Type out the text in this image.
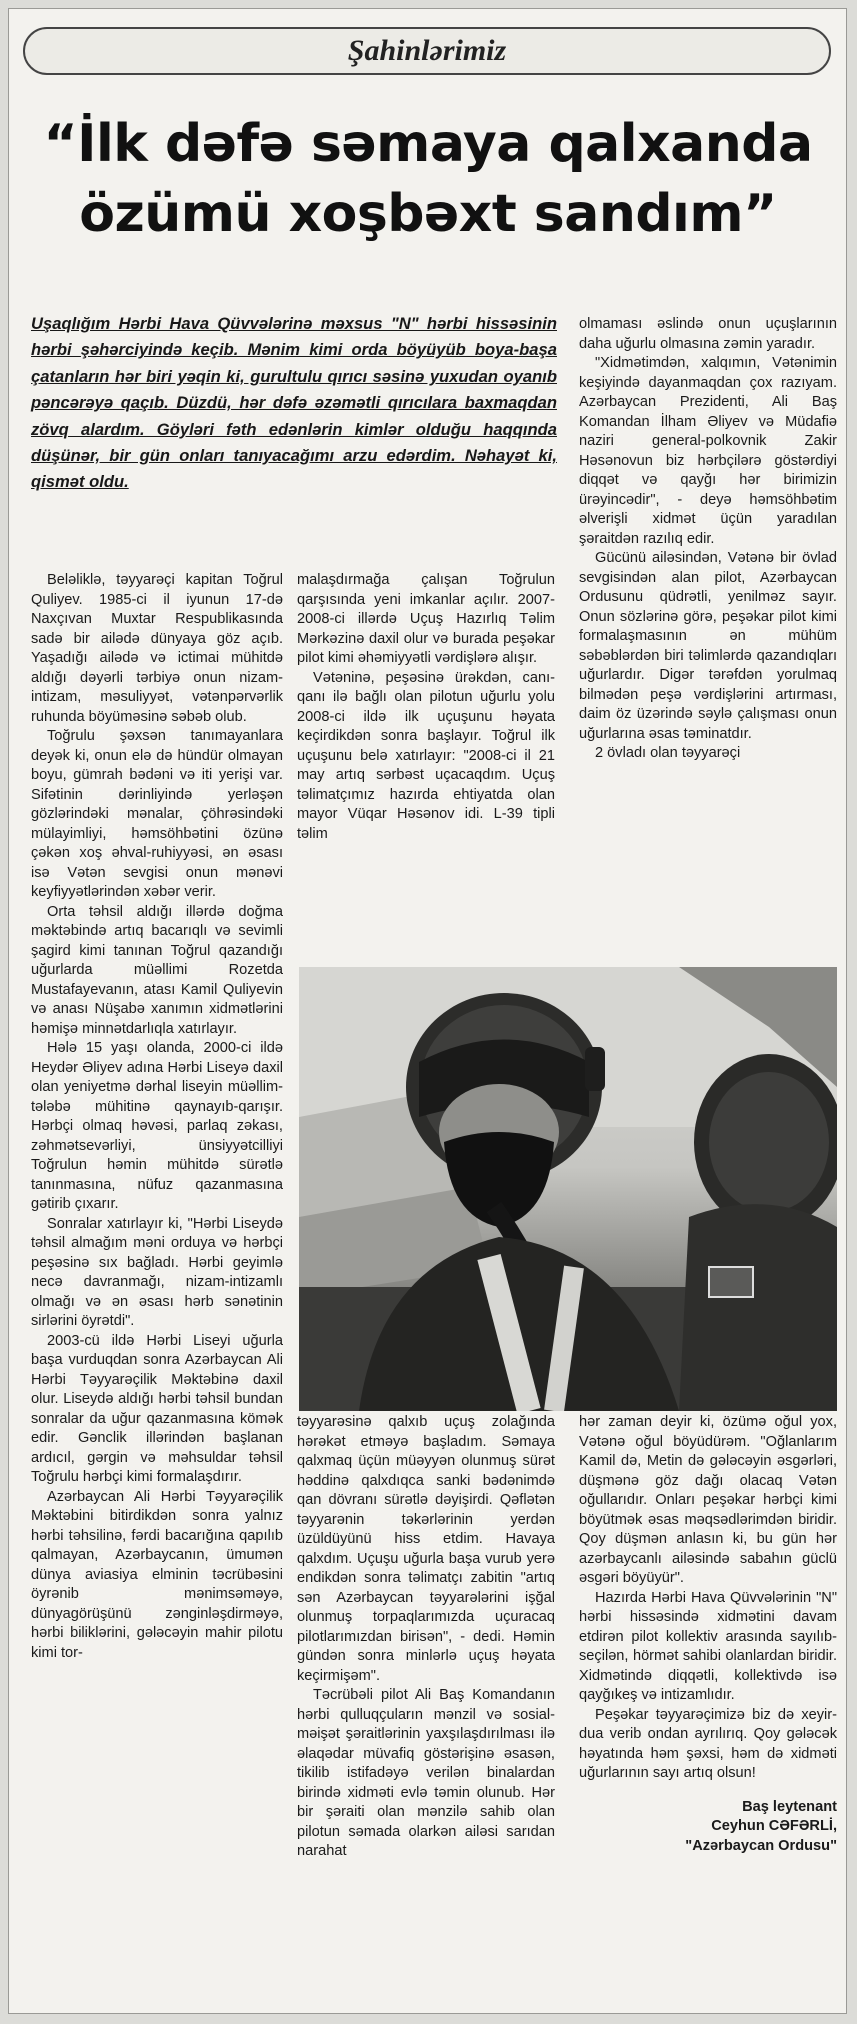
Şahinlərimiz
“İlk dəfə səmaya qalxanda
özümü xoşbəxt sandım”
Uşaqlığım Hərbi Hava Qüvvələrinə məxsus "N" hərbi hissəsinin hərbi şəhərciyində keçib. Mənim kimi orda böyüyüb boya-başa çatanların hər biri yəqin ki, gurultulu qırıcı səsinə yuxudan oyanıb pəncərəyə qaçıb. Düzdü, hər dəfə əzəmətli qırıcılara baxmaqdan zövq alardım. Göyləri fəth edənlərin kimlər olduğu haqqında düşünər, bir gün onları tanıyacağımı arzu edərdim. Nəhayət ki, qismət oldu.

Beləliklə, təyyarəçi kapitan Toğrul Quliyev. 1985-ci il iyunun 17-də Naxçıvan Muxtar Respublikasında sadə bir ailədə dünyaya göz açıb. Yaşadığı ailədə və ictimai mühitdə aldığı dəyərli tərbiyə onun nizam-intizam, məsuliyyət, vətənpərvərlik ruhunda böyüməsinə səbəb olub.

Toğrulu şəxsən tanımayanlara deyək ki, onun elə də hündür olmayan boyu, gümrah bədəni və iti yerişi var. Sifətinin dərinliyində yerləşən gözlərindəki mənalar, çöhrəsindəki mülayimliyi, həmsöhbətini özünə çəkən xoş əhval-ruhiyyəsi, ən əsası isə Vətən sevgisi onun mənəvi keyfiyyətlərindən xəbər verir.

Orta təhsil aldığı illərdə doğma məktəbində artıq bacarıqlı və sevimli şagird kimi tanınan Toğrul qazandığı uğurlarda müəllimi Rozetda Mustafayevanın, atası Kamil Quliyevin və anası Nüşabə xanımın xidmətlərini həmişə minnətdarlıqla xatırlayır.

Hələ 15 yaşı olanda, 2000-ci ildə Heydər Əliyev adına Hərbi Liseyə daxil olan yeniyetmə dərhal liseyin müəllim-tələbə mühitinə qaynayıb-qarışır. Hərbçi olmaq həvəsi, parlaq zəkası, zəhmətsevərliyi, ünsiyyətcilliyi Toğrulun həmin mühitdə sürətlə tanınmasına, nüfuz qazanmasına gətirib çıxarır.

Sonralar xatırlayır ki, "Hərbi Liseydə təhsil almağım məni orduya və hərbçi peşəsinə sıx bağladı. Hərbi geyimlə necə davranmağı, nizam-intizamlı olmağı və ən əsası hərb sənətinin sirlərini öyrətdi".

2003-cü ildə Hərbi Liseyi uğurla başa vurduqdan sonra Azərbaycan Ali Hərbi Təyyarəçilik Məktəbinə daxil olur. Liseydə aldığı hərbi təhsil bundan sonralar da uğur qazanmasına kömək edir. Gənclik illərindən başlanan ardıcıl, gərgin və məhsuldar təhsil Toğrulu hərbçi kimi formalaşdırır.

Azərbaycan Ali Hərbi Təyyarəçilik Məktəbini bitirdikdən sonra yalnız hərbi təhsilinə, fərdi bacarığına qapılıb qalmayan, Azərbaycanın, ümumən dünya aviasiya elminin təcrübəsini öyrənib mənimsəməyə, dünyagörüşünü zənginləşdirməyə, hərbi biliklərini, gələcəyin mahir pilotu kimi tor-

malaşdırmağa çalışan Toğrulun qarşısında yeni imkanlar açılır. 2007-2008-ci illərdə Uçuş Hazırlıq Təlim Mərkəzinə daxil olur və burada peşəkar pilot kimi əhəmiyyətli vərdişlərə alışır.

Vətəninə, peşəsinə ürəkdən, canı-qanı ilə bağlı olan pilotun uğurlu yolu 2008-ci ildə ilk uçuşunu həyata keçirdikdən sonra başlayır. Toğrul ilk uçuşunu belə xatırlayır: "2008-ci il 21 may artıq sərbəst uçacaqdım. Uçuş təlimatçımız hazırda ehtiyatda olan mayor Vüqar Həsənov idi. L-39 tipli təlim

olmaması əslində onun uçuşlarının daha uğurlu olmasına zəmin yaradır.

"Xidmətimdən, xalqımın, Vətənimin keşiyində dayanmaqdan çox razıyam. Azərbaycan Prezidenti, Ali Baş Komandan İlham Əliyev və Müdafiə naziri general-polkovnik Zakir Həsənovun biz hərbçilərə göstərdiyi diqqət və qayğı hər birimizin ürəyincədir", - deyə həmsöhbətim əlverişli xidmət üçün yaradılan şəraitdən razılıq edir.

Gücünü ailəsindən, Vətənə bir övlad sevgisindən alan pilot, Azərbaycan Ordusunu qüdrətli, yenilməz sayır. Onun sözlərinə görə, peşəkar pilot kimi formalaşmasının ən mühüm səbəblərdən biri təlimlərdə qazandıqları uğurlardır. Digər tərəfdən yorulmaq bilmədən peşə vərdişlərini artırması, daim öz üzərində səylə çalışması onun uğurlarına əsas təminatdır.

2 övladı olan təyyarəçi

təyyarəsinə qalxıb uçuş zolağında hərəkət etməyə başladım. Səmaya qalxmaq üçün müəyyən olunmuş sürət həddinə qalxdıqca sanki bədənimdə qan dövranı sürətlə dəyişirdi. Qəflətən təyyarənin təkərlərinin yerdən üzüldüyünü hiss etdim. Havaya qalxdım. Uçuşu uğurla başa vurub yerə endikdən sonra təlimatçı zabitin "artıq sən Azərbaycan təyyarələrini işğal olunmuş torpaqlarımızda uçuracaq pilotlarımızdan birisən", - dedi. Həmin gündən sonra minlərlə uçuş həyata keçirmişəm".

Təcrübəli pilot Ali Baş Komandanın hərbi qulluqçuların mənzil və sosial-məişət şəraitlərinin yaxşılaşdırılması ilə əlaqədar müvafiq göstərişinə əsasən, tikilib istifadəyə verilən binalardan birində xidməti evlə təmin olunub. Hər bir şəraiti olan mənzilə sahib olan pilotun səmada olarkən ailəsi sarıdan narahat

hər zaman deyir ki, özümə oğul yox, Vətənə oğul böyüdürəm. "Oğlanlarım Kamil də, Metin də gələcəyin əsgərləri, düşmənə göz dağı olacaq Vətən oğullarıdır. Onları peşəkar hərbçi kimi böyütmək əsas məqsədlərimdən biridir. Qoy düşmən anlasın ki, bu gün hər azərbaycanlı ailəsində sabahın güclü əsgəri böyüyür".

Hazırda Hərbi Hava Qüvvələrinin "N" hərbi hissəsində xidmətini davam etdirən pilot kollektiv arasında sayılıb-seçilən, hörmət sahibi olanlardan biridir. Xidmətində diqqətli, kollektivdə isə qayğıkeş və intizamlıdır.

Peşəkar təyyarəçimizə biz də xeyir-dua verib ondan ayrılırıq. Qoy gələcək həyatında həm şəxsi, həm də xidməti uğurlarının sayı artıq olsun!

Baş leytenant
Ceyhun CƏFƏRLİ,
"Azərbaycan Ordusu"
